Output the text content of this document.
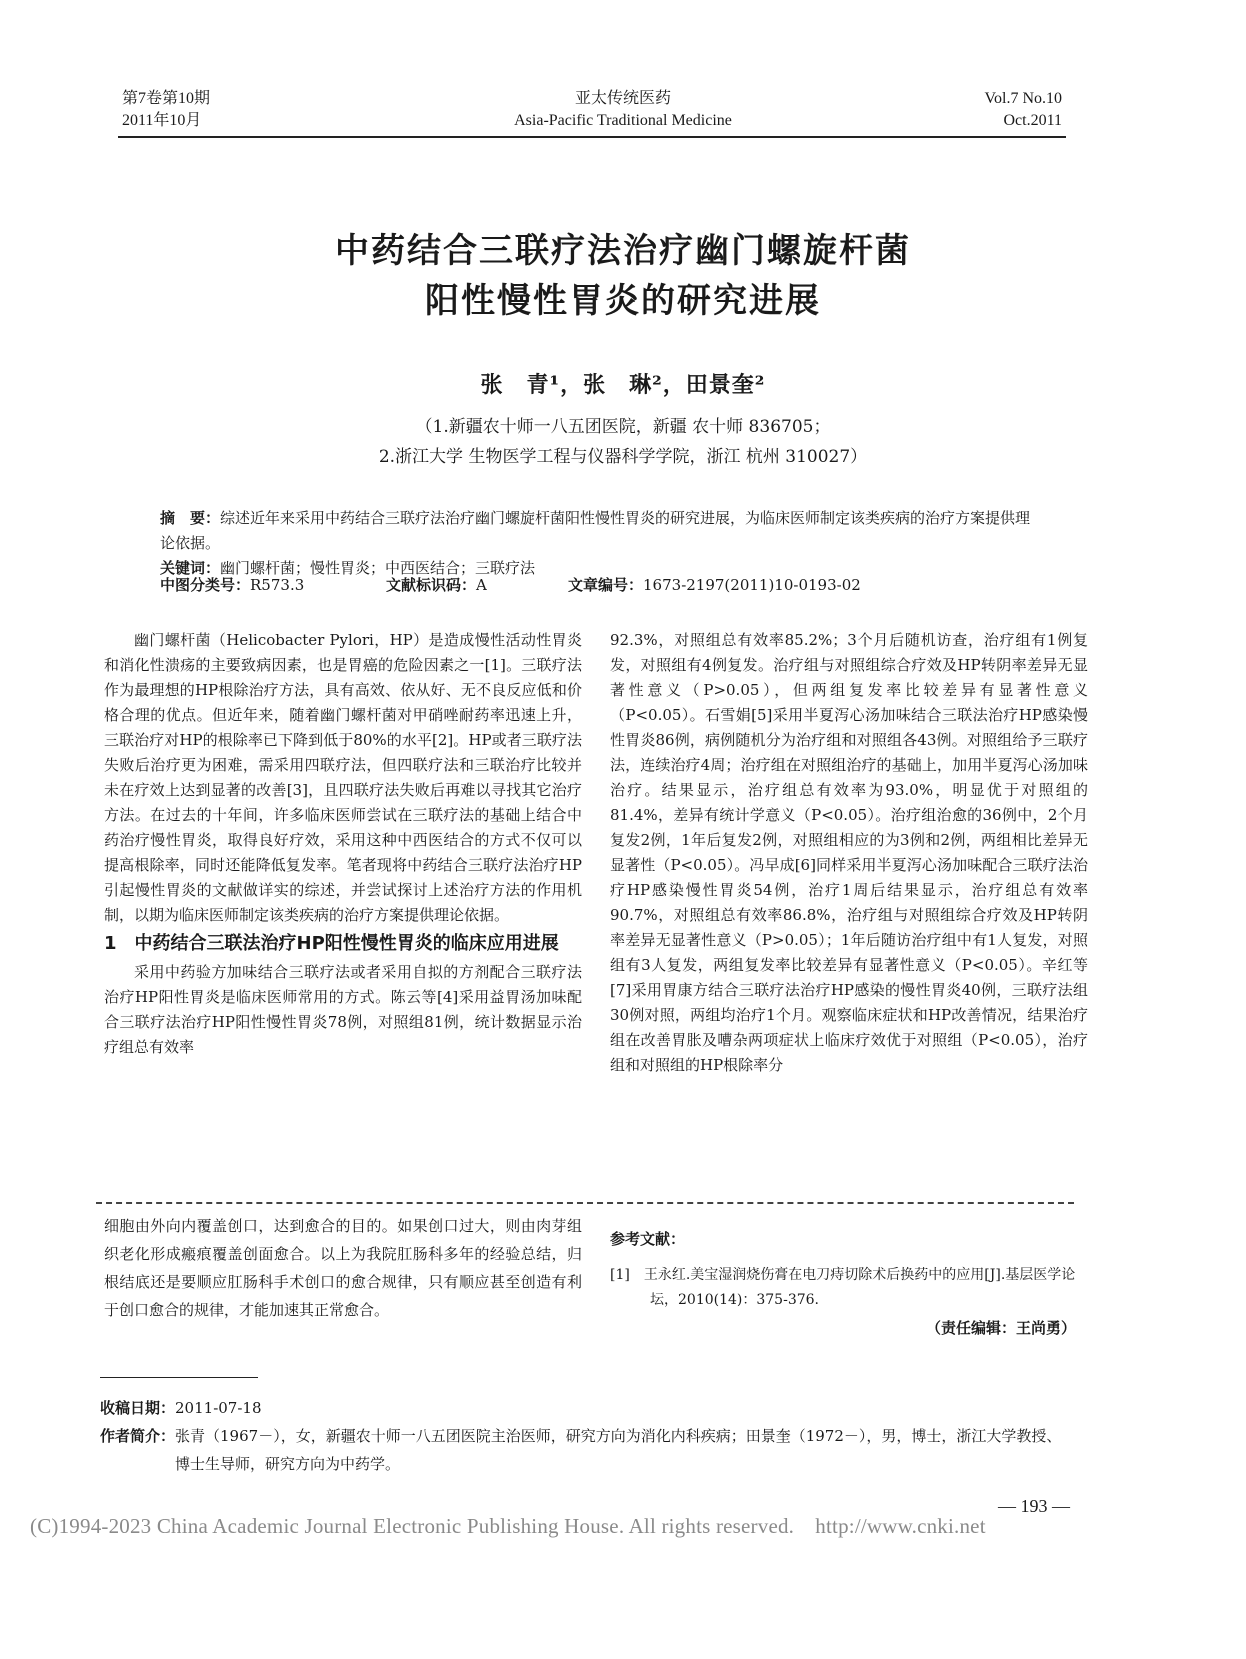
第7卷第10期
2011年10月
亚太传统医药
Asia-Pacific Traditional Medicine
Vol.7 No.10
Oct.2011
中药结合三联疗法治疗幽门螺旋杆菌
阳性慢性胃炎的研究进展
张　青¹，张　琳²，田景奎²
（1.新疆农十师一八五团医院，新疆 农十师 836705；
2.浙江大学 生物医学工程与仪器科学学院，浙江 杭州 310027）
摘　要：综述近年来采用中药结合三联疗法治疗幽门螺旋杆菌阳性慢性胃炎的研究进展，为临床医师制定该类疾病的治疗方案提供理论依据。
关键词：幽门螺杆菌；慢性胃炎；中西医结合；三联疗法
中图分类号：R573.3	文献标识码：A	文章编号：1673-2197(2011)10-0193-02

幽门螺杆菌（Helicobacter Pylori，HP）是造成慢性活动性胃炎和消化性溃疡的主要致病因素，也是胃癌的危险因素之一[1]。三联疗法作为最理想的HP根除治疗方法，具有高效、依从好、无不良反应低和价格合理的优点。但近年来，随着幽门螺杆菌对甲硝唑耐药率迅速上升，三联治疗对HP的根除率已下降到低于80%的水平[2]。HP或者三联疗法失败后治疗更为困难，需采用四联疗法，但四联疗法和三联治疗比较并未在疗效上达到显著的改善[3]，且四联疗法失败后再难以寻找其它治疗方法。在过去的十年间，许多临床医师尝试在三联疗法的基础上结合中药治疗慢性胃炎，取得良好疗效，采用这种中西医结合的方式不仅可以提高根除率，同时还能降低复发率。笔者现将中药结合三联疗法治疗HP引起慢性胃炎的文献做详实的综述，并尝试探讨上述治疗方法的作用机制，以期为临床医师制定该类疾病的治疗方案提供理论依据。

1　中药结合三联法治疗HP阳性慢性胃炎的临床应用进展

采用中药验方加味结合三联疗法或者采用自拟的方剂配合三联疗法治疗HP阳性胃炎是临床医师常用的方式。陈云等[4]采用益胃汤加味配合三联疗法治疗HP阳性慢性胃炎78例，对照组81例，统计数据显示治疗组总有效率

92.3%，对照组总有效率85.2%；3个月后随机访查，治疗组有1例复发，对照组有4例复发。治疗组与对照组综合疗效及HP转阴率差异无显著性意义（P>0.05），但两组复发率比较差异有显著性意义（P<0.05）。石雪娟[5]采用半夏泻心汤加味结合三联法治疗HP感染慢性胃炎86例，病例随机分为治疗组和对照组各43例。对照组给予三联疗法，连续治疗4周；治疗组在对照组治疗的基础上，加用半夏泻心汤加味治疗。结果显示，治疗组总有效率为93.0%，明显优于对照组的81.4%，差异有统计学意义（P<0.05）。治疗组治愈的36例中，2个月复发2例，1年后复发2例，对照组相应的为3例和2例，两组相比差异无显著性（P<0.05）。冯早成[6]同样采用半夏泻心汤加味配合三联疗法治疗HP感染慢性胃炎54例，治疗1周后结果显示，治疗组总有效率90.7%，对照组总有效率86.8%，治疗组与对照组综合疗效及HP转阴率差异无显著性意义（P>0.05）；1年后随访治疗组中有1人复发，对照组有3人复发，两组复发率比较差异有显著性意义（P<0.05）。辛红等[7]采用胃康方结合三联疗法治疗HP感染的慢性胃炎40例，三联疗法组30例对照，两组均治疗1个月。观察临床症状和HP改善情况，结果治疗组在改善胃胀及嘈杂两项症状上临床疗效优于对照组（P<0.05），治疗组和对照组的HP根除率分

细胞由外向内覆盖创口，达到愈合的目的。如果创口过大，则由肉芽组织老化形成瘢痕覆盖创面愈合。以上为我院肛肠科多年的经验总结，归根结底还是要顺应肛肠科手术创口的愈合规律，只有顺应甚至创造有利于创口愈合的规律，才能加速其正常愈合。

参考文献：
[1]　王永红.美宝湿润烧伤膏在电刀痔切除术后换药中的应用[J].基层医学论坛，2010(14)：375-376.
（责任编辑：王尚勇）
收稿日期：2011-07-18
作者简介：张青（1967－），女，新疆农十师一八五团医院主治医师，研究方向为消化内科疾病；田景奎（1972－），男，博士，浙江大学教授、博士生导师，研究方向为中药学。
— 193 —
(C)1994-2023 China Academic Journal Electronic Publishing House. All rights reserved.　http://www.cnki.net
